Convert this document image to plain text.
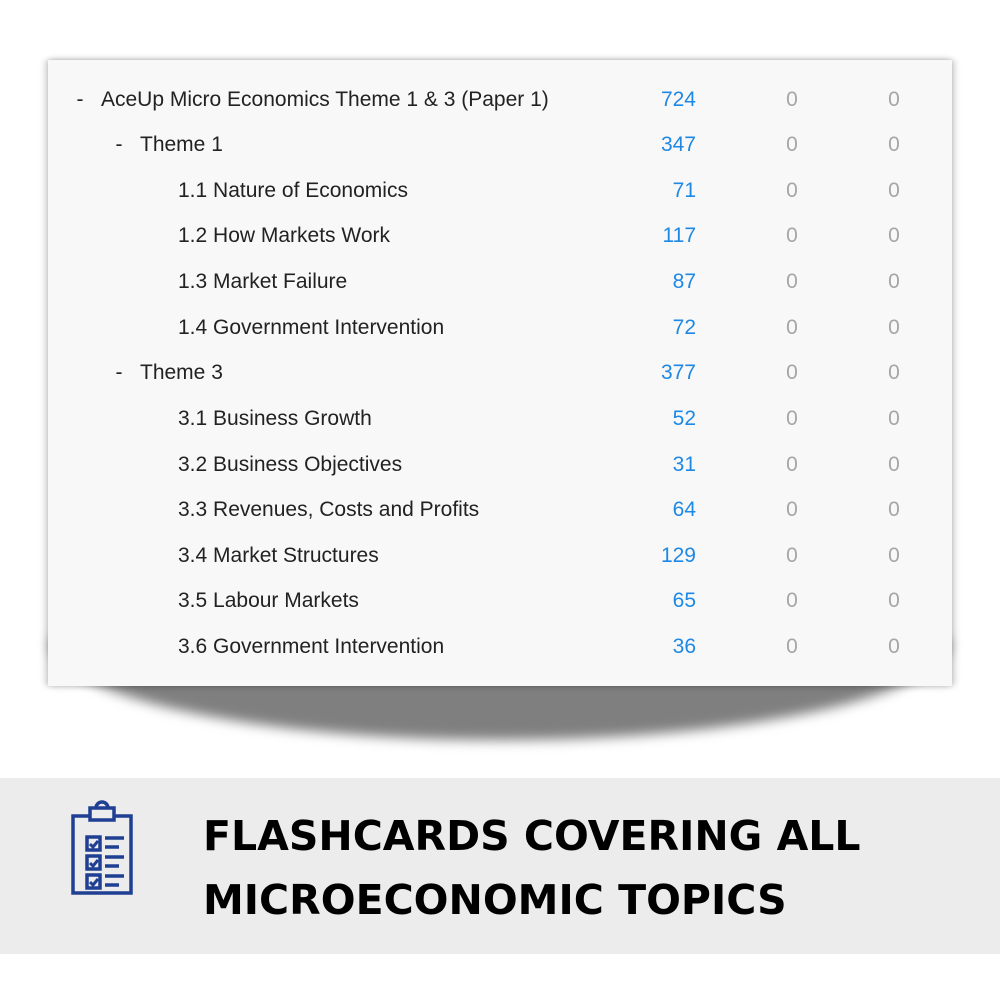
- AceUp Micro Economics Theme 1 & 3 (Paper 1)	724	0	0
- Theme 1	347	0	0
1.1 Nature of Economics	71	0	0
1.2 How Markets Work	117	0	0
1.3 Market Failure	87	0	0
1.4 Government Intervention	72	0	0
- Theme 3	377	0	0
3.1 Business Growth	52	0	0
3.2 Business Objectives	31	0	0
3.3 Revenues, Costs and Profits	64	0	0
3.4 Market Structures	129	0	0
3.5 Labour Markets	65	0	0
3.6 Government Intervention	36	0	0
FLASHCARDS COVERING ALL
MICROECONOMIC TOPICS
